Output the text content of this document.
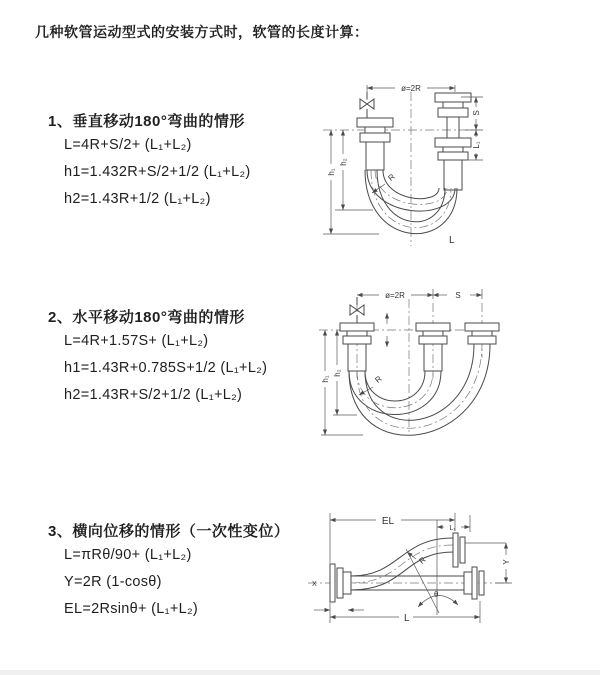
几种软管运动型式的安装方式时，软管的长度计算：
1、垂直移动180°弯曲的情形
L=4R+S/2+ (L₁+L₂)
h1=1.432R+S/2+1/2 (L₁+L₂)
h2=1.43R+1/2 (L₁+L₂)
2、水平移动180°弯曲的情形
L=4R+1.57S+ (L₁+L₂)
h1=1.43R+0.785S+1/2 (L₁+L₂)
h2=1.43R+S/2+1/2 (L₁+L₂)
3、横向位移的情形（一次性变位）
L=πRθ/90+ (L₁+L₂)
Y=2R (1-cosθ)
EL=2Rsinθ+ (L₁+L₂)
ø=2R
h₁
h₂
S
L₁
R
L
ø=2R	S
h₁
h₂
R
EL
L₁
Y
R
θ
X
L
